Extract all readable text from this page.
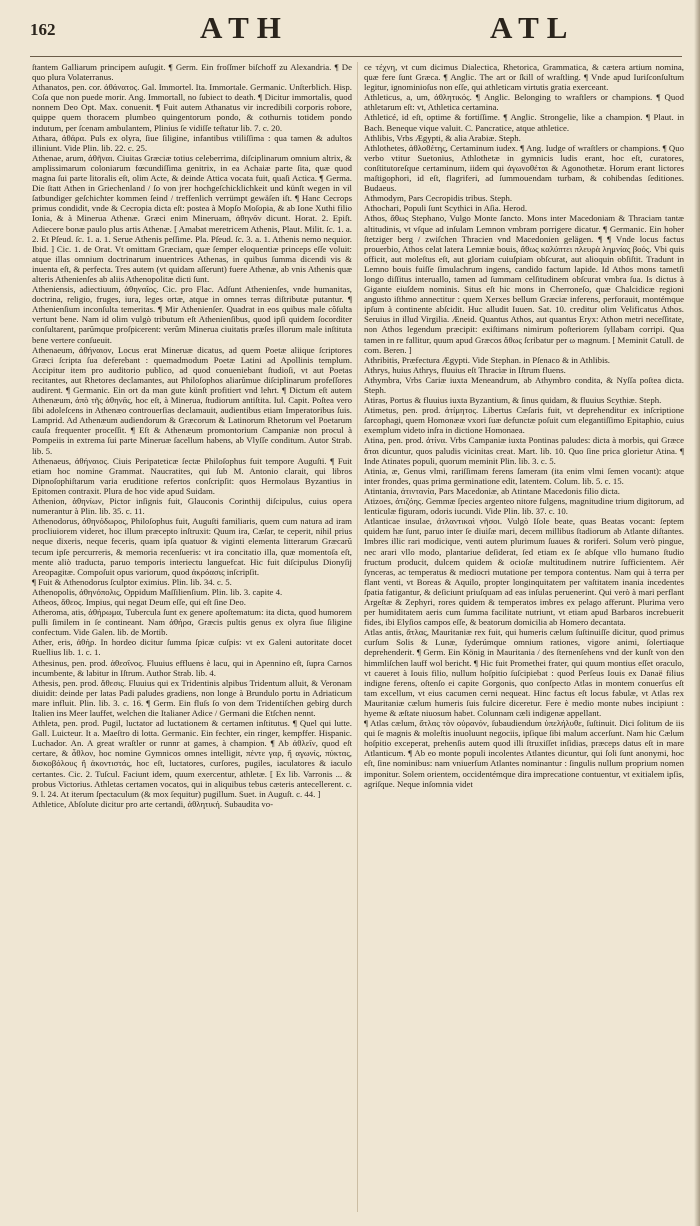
162	ATH	ATL

ſtantem Galliarum principem auſugit. ¶ Germ. Ein froſſmer biſchoff zu Alexandria. ¶ De quo plura Volaterranus.

Athanatos, pen. cor. ἀθάνατος. Gal. Immortel. Ita. Immortale. Germanic. Unſterblich. Hisp. Coſa que non puede morir. Ang. Immortall, no ſubiect to death. ¶ Dicitur immortalis, quod nonnem Deo Opt. Max. conuenit. ¶ Fuit autem Athanatus vir incredibili corporis robore, quippe quem thoracem plumbeo quingentorum pondo, & cothurnis totidem pondo indutum, per ſcenam ambulantem, Plinius ſe vidiſſe teſtatur lib. 7. c. 20.

Athara, ἀθάρα. Puls ex olyra, ſiue ſiligine, infantibus vtiliſſima : qua tamen & adultos illiniunt. Vide Plin. lib. 22. c. 25.

Athenae, arum, ἀθῆναι. Ciuitas Græciæ totius celeberrima, diſciplinarum omnium altrix, & amplissimarum coloniarum fœcundiſſima genitrix, in ea Achaiæ parte ſita, quæ quod magna ſui parte litoralis eſt, olim Acte, & deinde Attica vocata fuit, quaſi Actica. ¶ Germa. Die ſtatt Athen in Griechenland / ſo von jrer hochgeſchicklichkeit und künſt wegen in vil ſatbundiger geſchichter kommen ſeind / treffenlich verrümpt gewäſen iſt. ¶ Hanc Cecrops primus condidit, vnde & Cecropia dicta eſt: postea à Mopſo Moſopia, & ab Ione Xuthi filio Ionia, & à Minerua Athenæ. Græci enim Mineruam, ἀθηνᾶν dicunt. Horat. 2. Epiſt. Adiecere bonæ paulo plus artis Athenæ. [ Amabat meretricem Athenis, Plaut. Milit. ſc. 1. a. 2. Et Pſeud. ſc. 1. a. 1. Serue Athenis peſſime. Pla. Pſeud. ſc. 3. a. 1. Athenis nemo nequior. Ibid. ] Cic. 1. de Orat. Vt omittam Græciam, quæ ſemper eloquentiæ princeps eſſe voluit: atque illas omnium doctrinarum inuentrices Athenas, in quibus ſumma dicendi vis & inuenta eſt, & perfecta. Tres autem (vt quidam aſſerunt) fuere Athenæ, ab vnis Athenis quæ alteris Athenienſes ab aliis Athenopolitæ dicti ſunt.

Atheniensis, adiectiuum, ἀθηναῖος. Cic. pro Flac. Adſunt Athenienſes, vnde humanitas, doctrina, religio, fruges, iura, leges ortæ, atque in omnes terras diſtributæ putantur. ¶ Athenienſium inconſulta temeritas. ¶ Mir Athenienſer. Quadrat in eos quibus male cõſulta vertunt bene. Nam id olim vulgò tributum eſt Athenienſibus, quod ipſi quidem ſocorditer conſultarent, parũmque proſpicerent: verũm Minerua ciuitatis præſes illorum male inſtituta bene vertere conſueuit.

Athenaeum, ἀθήναιον, Locus erat Mineruæ dicatus, ad quem Poetæ aliique ſcriptores Græci ſcripta ſua deferebant : quemadmodum Poetæ Latini ad Apollinis templum. Accipitur item pro auditorio publico, ad quod conueniebant ſtudioſi, vt aut Poetas recitantes, aut Rhetores declamantes, aut Philoſophos aliarũmue diſciplinarum profeſſores audirent. ¶ Germanic. Ein ort da man gute künſt profitiert vnd lehrt. ¶ Dictum eſt autem Athenæum, ἀπὸ τῆς ἀθηνᾶς, hoc eſt, à Minerua, ſtudiorum antiſtita. Iul. Capit. Poſtea vero ſibi adoleſcens in Athenæo controuerſias declamauit, audientibus etiam Imperatoribus ſuis. Lamprid. Ad Athenæum audiendorum & Græcorum & Latinorum Rhetorum vel Poetarum cauſa frequenter proceſſit. ¶ Eſt & Athenæum promontorium Campaniæ non procul à Pompeiis in extrema ſui parte Mineruæ ſacellum habens, ab Vlyſſe conditum. Autor Strab. lib. 5.

Athenaeus, ἀθήναιος. Ciuis Peripateticæ ſectæ Philoſophus fuit tempore Auguſti. ¶ Fuit etiam hoc nomine Grammat. Naucratites, qui ſub M. Antonio clarait, qui libros Dipnoſophiſtarum varia eruditione refertos conſcripſit: quos Hermolaus Byzantius in Epitomen contraxit. Plura de hoc vide apud Suidam.

Athenion, ἀθηνίων, Pictor inſignis fuit, Glauconis Corinthij diſcipulus, cuius opera numerantur à Plin. lib. 35. c. 11.

Athenodorus, ἀθηνόδωρος, Philoſophus fuit, Auguſti familiaris, quem cum natura ad iram procliuiorem videret, hoc illum præcepto inſtruxit: Quum ira, Cæſar, te ceperit, nihil prius neque dixeris, neque feceris, quam ipſa quatuor & viginti elementa litterarum Græcarũ tecum ipſe percurreris, & memoria recenſueris: vt ira concitatio illa, quæ momentoſa eſt, mente aliò traducta, paruo temporis interiectu languefcat. Hic fuit diſcipulus Dionyſij Areopagitæ. Compoſuit opus variorum, quod ἀκρόασις inſcripſit.

¶ Fuit & Athenodorus ſculptor eximius. Plin. lib. 34. c. 5.

Athenopolis, ἀθηνόπολις, Oppidum Maſſilienſium. Plin. lib. 3. capite 4.

Atheos, ἄθεος. Impius, qui negat Deum eſſe, qui eſt ſine Deo.

Atheroma, atis, ἀθήρωμα, Tuberculа ſunt ex genere apoſtematum: ita dicta, quod humorem pulli ſimilem in ſe contineant. Nam ἀθήρα, Græcis pultis genus ex olyra ſiue ſiligine confectum. Vide Galen. lib. de Mortib.

Ather, eris, ἀθήρ. In hordeo dicitur ſumma ſpicæ cuſpis: vt ex Galeni autoritate docet Ruellius lib. 1. c. 1.

Athesinus, pen. prod. ἀθεσῖνος. Fluuius effluens è lacu, qui in Apennino eſt, ſupra Carnos incumbente, & labitur in Iſtrum. Author Strab. lib. 4.

Athesis, pen. prod. ἄθεσις. Fluuius qui ex Tridentinis alpibus Tridentum alluit, & Veronam diuidit: deinde per latas Padi paludes gradiens, non longe à Brundulo portu in Adriaticum mare influit. Plin. lib. 3. c. 16. ¶ Germ. Ein fluſs ſo von dem Tridentiſchen gebirg durch Italien ins Meer lauffet, welchen die Italianer Adice / Germani die Etſchen nennt.

Athleta, pen. prod. Pugil, luctator ad luctationem & certamen inſtitutus. ¶ Quel qui lutte. Gall. Luicteur. It a. Maeſtro di lotta. Germanic. Ein fechter, ein ringer, kempffer. Hispanic. Luchador. An. A great wraſtler or runnr at games, à champion. ¶ Ab ἀθλεῖν, quod eſt certare, & ἆθλον, hoc nomine Gymnicos omnes intelligit, πέντε γαρ, ἤ αγωνίς, πύκτας, δισκοβόλους ἢ ἀκοντιστάς, hoc eſt, luctatores, curſores, pugiles, iaculatores & iaculo certantes. Cic. 2. Tuſcul. Faciunt idem, quum exercentur, athletæ. [ Ex lib. Varronis ... & probus Victorius. Athletas certamen vocatos, qui in aliquibus tebus cæteris antecellerent. c. 9. l. 24. At iterum ſpectaculum (& mox ſequitur) pugillum. Suet. in Auguſt. c. 44. ]

Athletice, Abſolute dicitur pro arte certandi, ἀθλητική. Subaudita vo-

ce τέχνη, vt cum dicimus Dialectica, Rhetorica, Grammatica, & cætera artium nomina, quæ fere ſunt Græca. ¶ Anglic. The art or ſkill of wraſtling. ¶ Vnde apud Iuriſconſultum legitur, ignominioſus non eſſe, qui athleticam virtutis gratia exerceant.

Athleticus, a, um, ἀθλητικός. ¶ Anglic. Belonging to wraſtlers or champions. ¶ Quod athletarum eſt: vt, Athletica certamina.

Athleticé, id eſt, optime & fortiſſime. ¶ Anglic. Strongelie, like a champion. ¶ Plaut. in Bach. Beneque vique valuit. C. Pancratice, atque athletice.

Athlibis, Vrbs Ægypti, & alia Arabiæ. Steph.

Athlothetes, ἀθλοθέτης, Certaminum iudex. ¶ Ang. Iudge of wraſtlers or champions. ¶ Quo verbo vtitur Suetonius, Athlothetæ in gymnicis ludis erant, hoc eſt, curatores, conſtitutoreſque certaminum, iidem qui ἀγωνοθέται & Agonothetæ. Horum erant lictores maſtigophori, id eſt, flagriferi, ad ſummouendam turbam, & cohibendas ſeditiones. Budaeus.

Athmodym, Pars Cecropidis tribus. Steph.

Athochari, Populi ſunt Scythici in Aſia. Herod.

Athos, ἄθως Stephano, Vulgo Monte ſancto. Mons inter Macedoniam & Thraciam tantæ altitudinis, vt vſque ad inſulam Lemnon vmbram porrigere dicatur. ¶ Germanic. Ein hoher ſtetziger berg / zwiſchen Thracien vnd Macedonien gelägen. ¶ ¶ Vnde locus factus prouerbio, Athos celat latera Lemniæ bouis, ἄθως καλύπτει πλευρὰ λημνίας βοός. Vbi quis officit, aut moleſtus eſt, aut gloriam cuiuſpiam obſcurat, aut alioquin obſiſtit. Tradunt in Lemno bouis fuiſſe ſimulachrum ingens, candido factum lapide. Id Athos mons tametſi longo diſſitus interuallo, tamen ad ſummam celſitudinem obſcurat vmbra ſua. Is dictus à Gigante eiuſdem nominis. Situs eſt hic mons in Cherroneſo, quæ Chalcidicæ regioni angusto iſthmo annectitur : quem Xerxes bellum Græciæ inferens, perforauit, montémque ipſum à continente abſcidit. Huc alludit Iuuen. Sat. 10. creditur olim Velificatus Athos. Seruius in illud Virgilia. Æneid. Quantus Athos, aut quantus Eryx: Athon metri neceſſitate, non Athos legendum præcipit: exiſtimans nimirum poſteriorem ſyllabam corripi. Qua tamen in re fallitur, quum apud Græcos ἄθως ſcribatur per ω magnum. [ Meminit Catull. de com. Beren. ]

Athribitis, Præfectura Ægypti. Vide Stephan. in Pſenaco & in Athlibis.

Athrys, huius Athrys, fluuius eſt Thraciæ in Iſtrum fluens.

Athymbra, Vrbs Cariæ iuxta Meneandrum, ab Athymbro condita, & Nyſſa poſtea dicta. Steph.

Atiras, Portus & fluuius iuxta Byzantium, & ſinus quidam, & fluuius Scythiæ. Steph.

Atimetus, pen. prod. ἀτίμητος. Libertus Cæſaris fuit, vt deprehenditur ex inſcriptione ſarcophagi, quem Homonææ vxori ſuæ defunctæ poſuit cum elegantiſſimo Epitaphio, cuius exemplum videto inſra in dictione Homonaea.

Atina, pen. prod. ἀτίνα. Vrbs Campaniæ iuxta Pontinas paludes: dicta à morbis, qui Græce ἄται dicuntur, quos paludis vicinitas creat. Mart. lib. 10. Quo ſine prica glorietur Atina. ¶ Inde Atinates populi, quorum meminit Plin. lib. 3. c. 5.

Atinia, æ, Genus vlmi, rariſſimam ferens ſameram (ita enim vlmi ſemen vocant): atque inter frondes, quas prima germinatione edit, latentem. Colum. lib. 5. c. 15.

Atintania, ἀτιντανία, Pars Macedoniæ, ab Atintane Macedonis filio dicta.

Atizoes, ἀτιζόης. Gemmæ ſpecies argenteo nitore fulgens, magnitudine trium digitorum, ad lenticulæ figuram, odoris iucundi. Vide Plin. lib. 37. c. 10.

Atlanticae insulae, ἀτλαντικαὶ νῆσοι. Vulgò Iſole beate, quas Beatas vocant: ſeptem quidem hæ ſunt, paruo inter ſe diuiſæ mari, decem millibus ſtadiorum ab Atlante diſtantes. Imbres illic rari modicique, venti autem plurimum ſuaues & roriferi. Solum verò pingue, nec arari vllo modo, plantariue deſiderat, ſed etiam ex ſe abſque vllo humano ſtudio fructum producit, dulcem quidem & ocioſæ multitudinem nutrire ſufficientem. Aër ſynceras, ac temperatus & mediocri mutatione per tempora contentus. Nam qui à terra per flant venti, vt Boreas & Aquilo, propter longinquitatem per vaſtitatem inania incedentes ſpatia fatigantur, & deſiciunt priuſquam ad eas inſulas peruenerint. Qui verò à mari perflant Argeſtæ & Zephyri, rores quidem & temperatos imbres ex pelago afferunt. Plurima vero per humiditatem aeris cum ſumma facilitate nutriunt, vt etiam apud Barbaros increbuerit fides, ibi Elyſios campos eſſe, & beatorum domicilia ab Homero decantata.

Atlas antis, ἄτλας, Mauritaniæ rex fuit, qui humeris cælum ſuſtinuiſſe dicitur, quod primus curſum Solis & Lunæ, ſyderúmque omnium rationes, vigore animi, ſolertiaque deprehenderit. ¶ Germ. Ein König in Mauritania / des ſternenſehens vnd der kunſt von den himmliſchen lauff wol bericht. ¶ Hic fuit Promethei frater, qui quum montius eſſet oraculo, vt caueret à Iouis filio, nullum hoſpitio ſuſcipiebat : quod Perſeus Iouis ex Danaë filius indigne ferens, oſtenſo ei capite Gorgonis, quo conſpecto Atlas in montem conuerſus eſt tam excellum, vt eius cacumen cerni nequeat. Hinc factus eſt locus fabulæ, vt Atlas rex Mauritaniæ cælum humeris ſuis fulcire diceretur. Fere è medio monte nubes incipiunt : hyeme & æſtate niuosum habet. Colunnam cæli indigenæ appellant.

¶ Atlas cælum, ἄτλας τὸν οὐρανόν, ſubaudiendum ὑπελήλυθε, ſuſtinuit. Dici ſolitum de iis qui ſe magnis & moleſtis inuoluunt negociis, ipſique ſibi malum accerſunt. Nam hic Cælum hoſpitio exceperat, prehenſis autem quod illi ſtruxiſſet inſidias, præceps datus eſt in mare Atlanticum. ¶ Ab eo monte populi incolentes Atlantes dicuntur, qui ſoli ſunt anonymi, hoc eſt, ſine nominibus: nam vniuerſum Atlantes nominantur : ſingulis nullum proprium nomen imponitur. Solem orientem, occidentémque dira imprecatione contuentur, vt exitialem ipſis, agriſque. Neque inſomnia videt
